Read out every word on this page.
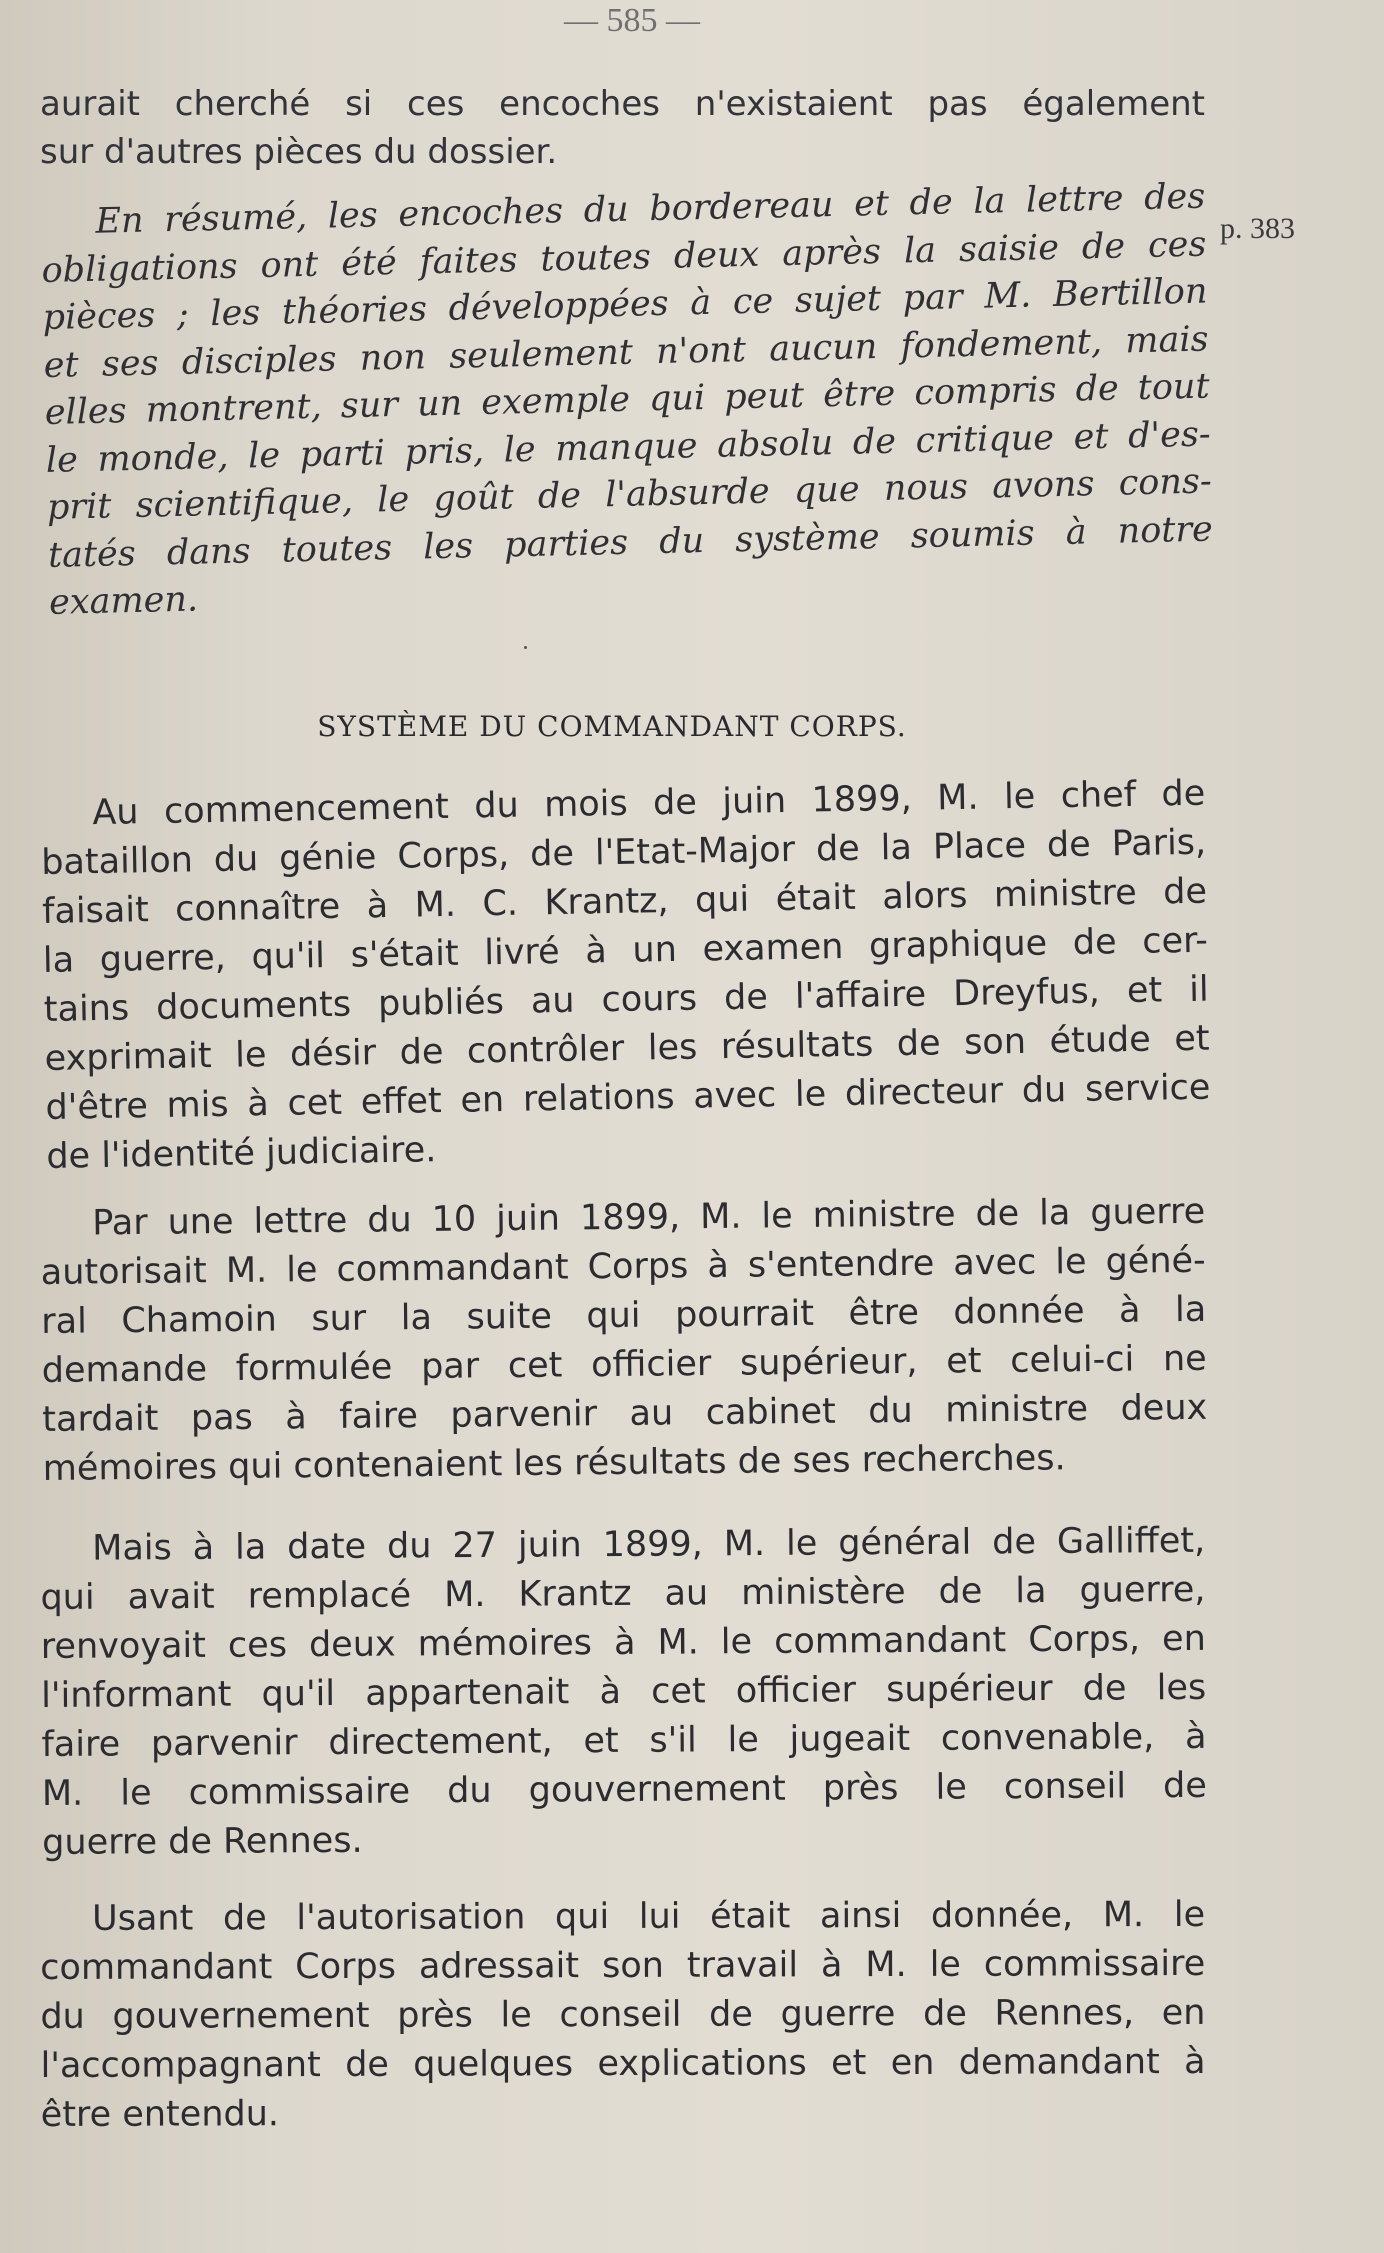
— 585 —
p. 383
aurait cherché si ces encoches n'existaient pas également
sur d'autres pièces du dossier.
En résumé, les encoches du bordereau et de la lettre des
obligations ont été faites toutes deux après la saisie de ces
pièces ; les théories développées à ce sujet par M. Bertillon
et ses disciples non seulement n'ont aucun fondement, mais
elles montrent, sur un exemple qui peut être compris de tout
le monde, le parti pris, le manque absolu de critique et d'es-
prit scientifique, le goût de l'absurde que nous avons cons-
tatés dans toutes les parties du système soumis à notre
examen.
SYSTÈME DU COMMANDANT CORPS.
Au commencement du mois de juin 1899, M. le chef de
bataillon du génie Corps, de l'Etat-Major de la Place de Paris,
faisait connaître à M. C. Krantz, qui était alors ministre de
la guerre, qu'il s'était livré à un examen graphique de cer-
tains documents publiés au cours de l'affaire Dreyfus, et il
exprimait le désir de contrôler les résultats de son étude et
d'être mis à cet effet en relations avec le directeur du service
de l'identité judiciaire.
Par une lettre du 10 juin 1899, M. le ministre de la guerre
autorisait M. le commandant Corps à s'entendre avec le géné-
ral Chamoin sur la suite qui pourrait être donnée à la
demande formulée par cet officier supérieur, et celui-ci ne
tardait pas à faire parvenir au cabinet du ministre deux
mémoires qui contenaient les résultats de ses recherches.
Mais à la date du 27 juin 1899, M. le général de Galliffet,
qui avait remplacé M. Krantz au ministère de la guerre,
renvoyait ces deux mémoires à M. le commandant Corps, en
l'informant qu'il appartenait à cet officier supérieur de les
faire parvenir directement, et s'il le jugeait convenable, à
M. le commissaire du gouvernement près le conseil de
guerre de Rennes.
Usant de l'autorisation qui lui était ainsi donnée, M. le
commandant Corps adressait son travail à M. le commissaire
du gouvernement près le conseil de guerre de Rennes, en
l'accompagnant de quelques explications et en demandant à
être entendu.
